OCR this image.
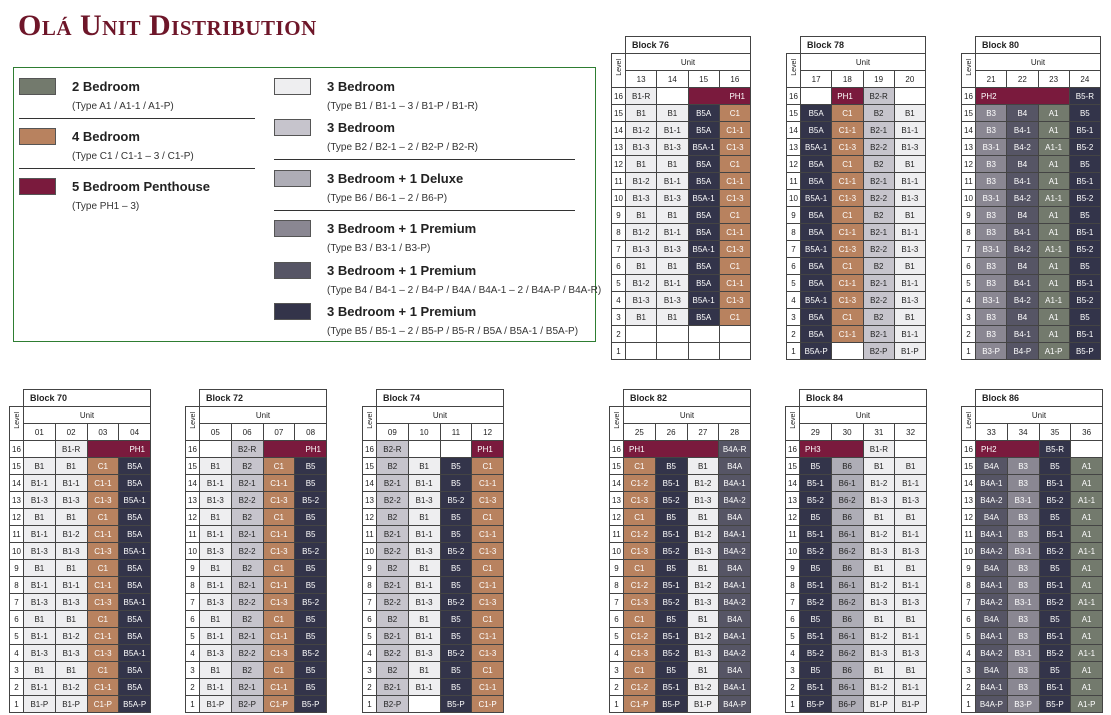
Olá Unit Distribution
2 Bedroom
(Type A1 / A1-1 / A1-P)
4 Bedroom
(Type C1 / C1-1 – 3 / C1-P)
5 Bedroom Penthouse
(Type PH1 – 3)
3 Bedroom
(Type B1 / B1-1 – 3 / B1-P / B1-R)
3 Bedroom
(Type B2 / B2-1 – 2 / B2-P / B2-R)
3 Bedroom + 1 Deluxe
(Type B6 / B6-1 – 2 / B6-P)
3 Bedroom + 1 Premium
(Type B3 / B3-1 / B3-P)
3 Bedroom + 1 Premium
(Type B4 / B4-1 – 2 / B4-P / B4A / B4A-1 – 2 / B4A-P / B4A-R)
3 Bedroom + 1 Premium
(Type B5 / B5-1 – 2 / B5-P / B5-R / B5A / B5A-1 / B5A-P)
	Block 76			
Level	Unit			
	13	14	15	16
16	B1-R		PH1	
15	B1	B1	B5A	C1
14	B1-2	B1-1	B5A	C1-1
13	B1-3	B1-3	B5A-1	C1-3
12	B1	B1	B5A	C1
11	B1-2	B1-1	B5A	C1-1
10	B1-3	B1-3	B5A-1	C1-3
9	B1	B1	B5A	C1
8	B1-2	B1-1	B5A	C1-1
7	B1-3	B1-3	B5A-1	C1-3
6	B1	B1	B5A	C1
5	B1-2	B1-1	B5A	C1-1
4	B1-3	B1-3	B5A-1	C1-3
3	B1	B1	B5A	C1
2				
1				
	Block 78			
Level	Unit			
	17	18	19	20
16		PH1	B2-R	
15	B5A	C1	B2	B1
14	B5A	C1-1	B2-1	B1-1
13	B5A-1	C1-3	B2-2	B1-3
12	B5A	C1	B2	B1
11	B5A	C1-1	B2-1	B1-1
10	B5A-1	C1-3	B2-2	B1-3
9	B5A	C1	B2	B1
8	B5A	C1-1	B2-1	B1-1
7	B5A-1	C1-3	B2-2	B1-3
6	B5A	C1	B2	B1
5	B5A	C1-1	B2-1	B1-1
4	B5A-1	C1-3	B2-2	B1-3
3	B5A	C1	B2	B1
2	B5A	C1-1	B2-1	B1-1
1	B5A-P		B2-P	B1-P
	Block 80			
Level	Unit			
	21	22	23	24
16	PH2			B5-R
15	B3	B4	A1	B5
14	B3	B4-1	A1	B5-1
13	B3-1	B4-2	A1-1	B5-2
12	B3	B4	A1	B5
11	B3	B4-1	A1	B5-1
10	B3-1	B4-2	A1-1	B5-2
9	B3	B4	A1	B5
8	B3	B4-1	A1	B5-1
7	B3-1	B4-2	A1-1	B5-2
6	B3	B4	A1	B5
5	B3	B4-1	A1	B5-1
4	B3-1	B4-2	A1-1	B5-2
3	B3	B4	A1	B5
2	B3	B4-1	A1	B5-1
1	B3-P	B4-P	A1-P	B5-P
	Block 70			
Level	Unit			
	01	02	03	04
16		B1-R	PH1	
15	B1	B1	C1	B5A
14	B1-1	B1-1	C1-1	B5A
13	B1-3	B1-3	C1-3	B5A-1
12	B1	B1	C1	B5A
11	B1-1	B1-2	C1-1	B5A
10	B1-3	B1-3	C1-3	B5A-1
9	B1	B1	C1	B5A
8	B1-1	B1-1	C1-1	B5A
7	B1-3	B1-3	C1-3	B5A-1
6	B1	B1	C1	B5A
5	B1-1	B1-2	C1-1	B5A
4	B1-3	B1-3	C1-3	B5A-1
3	B1	B1	C1	B5A
2	B1-1	B1-2	C1-1	B5A
1	B1-P	B1-P	C1-P	B5A-P
	Block 72			
Level	Unit			
	05	06	07	08
16		B2-R	PH1	
15	B1	B2	C1	B5
14	B1-1	B2-1	C1-1	B5
13	B1-3	B2-2	C1-3	B5-2
12	B1	B2	C1	B5
11	B1-1	B2-1	C1-1	B5
10	B1-3	B2-2	C1-3	B5-2
9	B1	B2	C1	B5
8	B1-1	B2-1	C1-1	B5
7	B1-3	B2-2	C1-3	B5-2
6	B1	B2	C1	B5
5	B1-1	B2-1	C1-1	B5
4	B1-3	B2-2	C1-3	B5-2
3	B1	B2	C1	B5
2	B1-1	B2-1	C1-1	B5
1	B1-P	B2-P	C1-P	B5-P
	Block 74			
Level	Unit			
	09	10	11	12
16	B2-R			PH1
15	B2	B1	B5	C1
14	B2-1	B1-1	B5	C1-1
13	B2-2	B1-3	B5-2	C1-3
12	B2	B1	B5	C1
11	B2-1	B1-1	B5	C1-1
10	B2-2	B1-3	B5-2	C1-3
9	B2	B1	B5	C1
8	B2-1	B1-1	B5	C1-1
7	B2-2	B1-3	B5-2	C1-3
6	B2	B1	B5	C1
5	B2-1	B1-1	B5	C1-1
4	B2-2	B1-3	B5-2	C1-3
3	B2	B1	B5	C1
2	B2-1	B1-1	B5	C1-1
1	B2-P		B5-P	C1-P
	Block 82			
Level	Unit			
	25	26	27	28
16	PH1			B4A-R
15	C1	B5	B1	B4A
14	C1-2	B5-1	B1-2	B4A-1
13	C1-3	B5-2	B1-3	B4A-2
12	C1	B5	B1	B4A
11	C1-2	B5-1	B1-2	B4A-1
10	C1-3	B5-2	B1-3	B4A-2
9	C1	B5	B1	B4A
8	C1-2	B5-1	B1-2	B4A-1
7	C1-3	B5-2	B1-3	B4A-2
6	C1	B5	B1	B4A
5	C1-2	B5-1	B1-2	B4A-1
4	C1-3	B5-2	B1-3	B4A-2
3	C1	B5	B1	B4A
2	C1-2	B5-1	B1-2	B4A-1
1	C1-P	B5-P	B1-P	B4A-P
	Block 84			
Level	Unit			
	29	30	31	32
16	PH3		B1-R	
15	B5	B6	B1	B1
14	B5-1	B6-1	B1-2	B1-1
13	B5-2	B6-2	B1-3	B1-3
12	B5	B6	B1	B1
11	B5-1	B6-1	B1-2	B1-1
10	B5-2	B6-2	B1-3	B1-3
9	B5	B6	B1	B1
8	B5-1	B6-1	B1-2	B1-1
7	B5-2	B6-2	B1-3	B1-3
6	B5	B6	B1	B1
5	B5-1	B6-1	B1-2	B1-1
4	B5-2	B6-2	B1-3	B1-3
3	B5	B6	B1	B1
2	B5-1	B6-1	B1-2	B1-1
1	B5-P	B6-P	B1-P	B1-P
	Block 86			
Level	Unit			
	33	34	35	36
16	PH2		B5-R	
15	B4A	B3	B5	A1
14	B4A-1	B3	B5-1	A1
13	B4A-2	B3-1	B5-2	A1-1
12	B4A	B3	B5	A1
11	B4A-1	B3	B5-1	A1
10	B4A-2	B3-1	B5-2	A1-1
9	B4A	B3	B5	A1
8	B4A-1	B3	B5-1	A1
7	B4A-2	B3-1	B5-2	A1-1
6	B4A	B3	B5	A1
5	B4A-1	B3	B5-1	A1
4	B4A-2	B3-1	B5-2	A1-1
3	B4A	B3	B5	A1
2	B4A-1	B3	B5-1	A1
1	B4A-P	B3-P	B5-P	A1-P
